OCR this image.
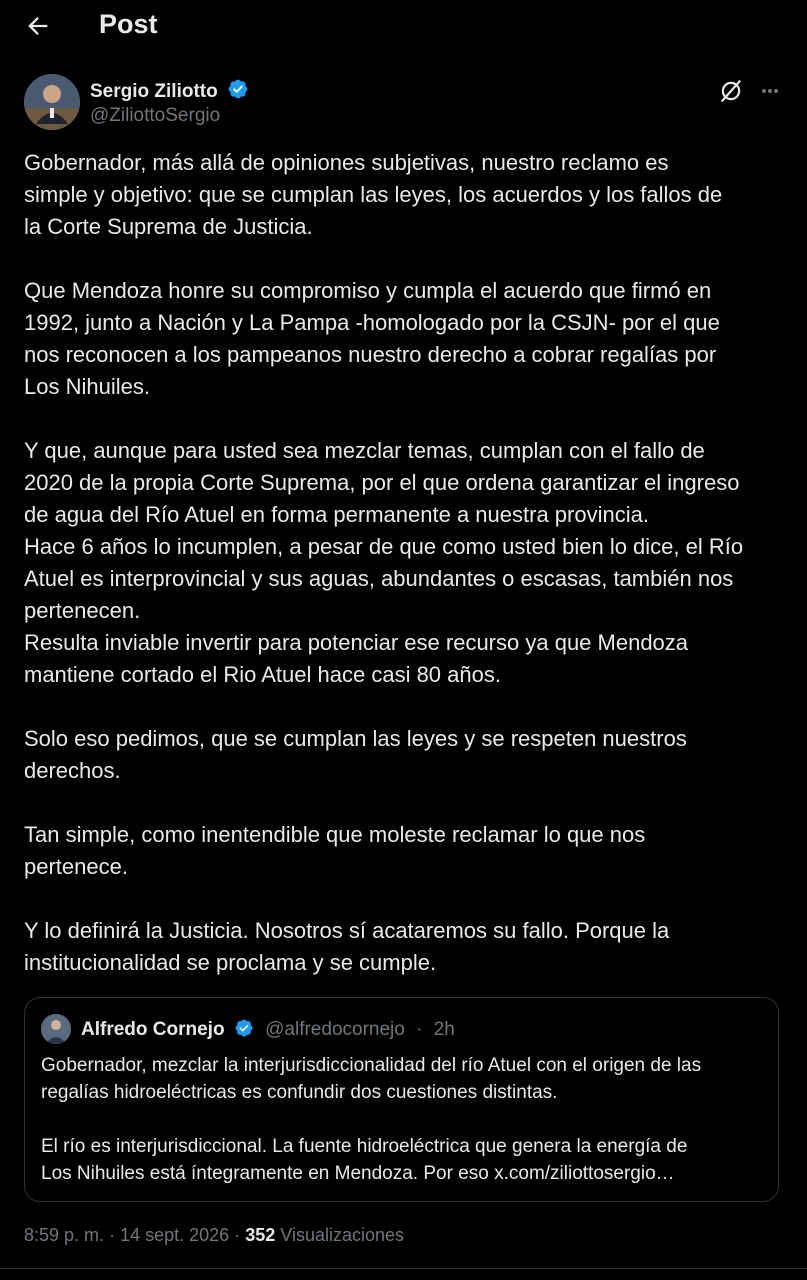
Post
Sergio Ziliotto
@ZiliottoSergio

Gobernador, más allá de opiniones subjetivas, nuestro reclamo es

simple y objetivo: que se cumplan las leyes, los acuerdos y los fallos de

la Corte Suprema de Justicia.

Que Mendoza honre su compromiso y cumpla el acuerdo que firmó en

1992, junto a Nación y La Pampa -homologado por la CSJN- por el que

nos reconocen a los pampeanos nuestro derecho a cobrar regalías por

Los Nihuiles.

Y que, aunque para usted sea mezclar temas, cumplan con el fallo de

2020 de la propia Corte Suprema, por el que ordena garantizar el ingreso

de agua del Río Atuel en forma permanente a nuestra provincia.

Hace 6 años lo incumplen, a pesar de que como usted bien lo dice, el Río

Atuel es interprovincial y sus aguas, abundantes o escasas, también nos

pertenecen.

Resulta inviable invertir para potenciar ese recurso ya que Mendoza

mantiene cortado el Rio Atuel hace casi 80 años.

Solo eso pedimos, que se cumplan las leyes y se respeten nuestros

derechos.

Tan simple, como inentendible que moleste reclamar lo que nos

pertenece.

Y lo definirá la Justicia. Nosotros sí acataremos su fallo. Porque la

institucionalidad se proclama y se cumple.

Alfredo Cornejo @alfredocornejo · 2h

Gobernador, mezclar la interjurisdiccionalidad del río Atuel con el origen de las

regalías hidroeléctricas es confundir dos cuestiones distintas.

El río es interjurisdiccional. La fuente hidroeléctrica que genera la energía de

Los Nihuiles está íntegramente en Mendoza. Por eso x.com/ziliottosergio…

8:59 p. m. · 14 sept. 2026 · 352 Visualizaciones
